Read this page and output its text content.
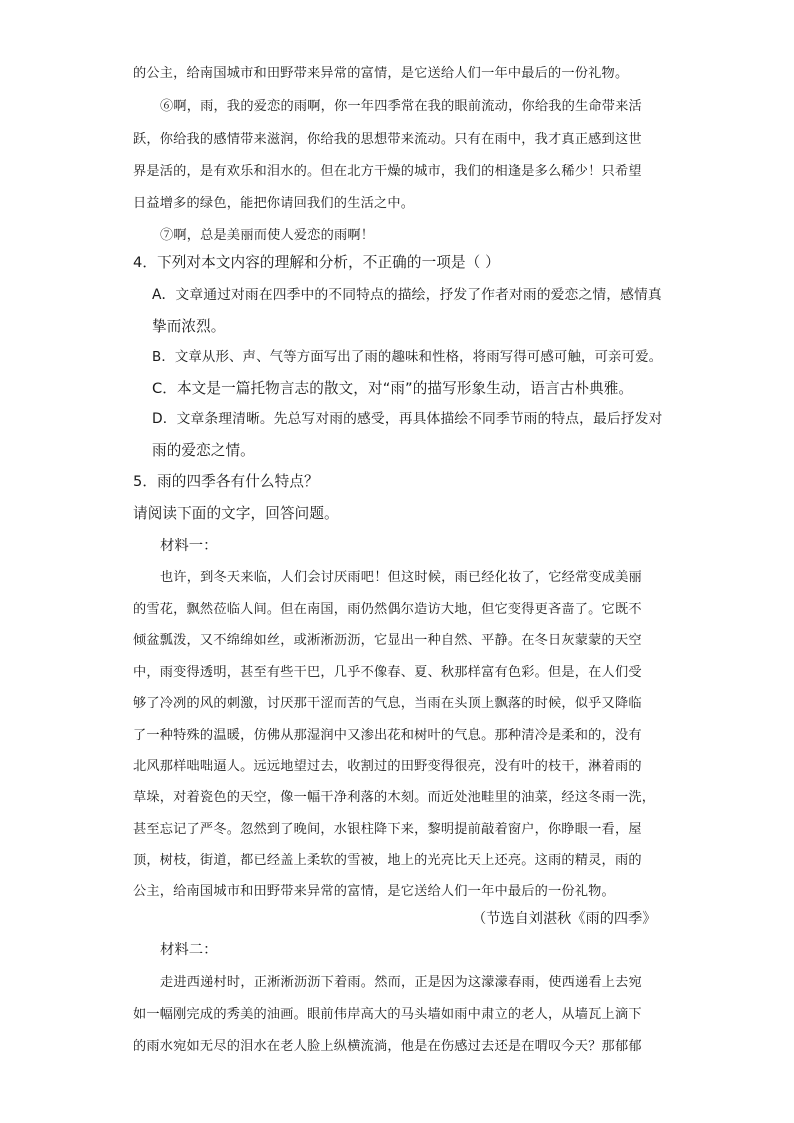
的公主，给南国城市和田野带来异常的富情，是它送给人们一年中最后的一份礼物。
⑥啊，雨，我的爱恋的雨啊，你一年四季常在我的眼前流动，你给我的生命带来活
跃，你给我的感情带来滋润，你给我的思想带来流动。只有在雨中，我才真正感到这世
界是活的，是有欢乐和泪水的。但在北方干燥的城市，我们的相逢是多么稀少！只希望
日益增多的绿色，能把你请回我们的生活之中。
⑦啊，总是美丽而使人爱恋的雨啊！
4．下列对本文内容的理解和分析，不正确的一项是（ ）
A．文章通过对雨在四季中的不同特点的描绘，抒发了作者对雨的爱恋之情，感情真
挚而浓烈。
B．文章从形、声、气等方面写出了雨的趣味和性格，将雨写得可感可触，可亲可爱。
C．本文是一篇托物言志的散文，对“雨”的描写形象生动，语言古朴典雅。
D．文章条理清晰。先总写对雨的感受，再具体描绘不同季节雨的特点，最后抒发对
雨的爱恋之情。
5．雨的四季各有什么特点？
请阅读下面的文字，回答问题。
材料一：
也许，到冬天来临，人们会讨厌雨吧！但这时候，雨已经化妆了，它经常变成美丽
的雪花，飘然莅临人间。但在南国，雨仍然偶尔造访大地，但它变得更吝啬了。它既不
倾盆瓢泼，又不绵绵如丝，或淅淅沥沥，它显出一种自然、平静。在冬日灰蒙蒙的天空
中，雨变得透明，甚至有些干巴，几乎不像春、夏、秋那样富有色彩。但是，在人们受
够了冷冽的风的刺激，讨厌那干涩而苦的气息，当雨在头顶上飘落的时候，似乎又降临
了一种特殊的温暖，仿佛从那湿润中又渗出花和树叶的气息。那种清冷是柔和的，没有
北风那样咄咄逼人。远远地望过去，收割过的田野变得很亮，没有叶的枝干，淋着雨的
草垛，对着瓷色的天空，像一幅干净利落的木刻。而近处池畦里的油菜，经这冬雨一洗，
甚至忘记了严冬。忽然到了晚间，水银柱降下来，黎明提前敲着窗户，你睁眼一看，屋
顶，树枝，街道，都已经盖上柔软的雪被，地上的光亮比天上还亮。这雨的精灵，雨的
公主，给南国城市和田野带来异常的富情，是它送给人们一年中最后的一份礼物。
（节选自刘湛秋《雨的四季》
材料二：
走进西递村时，正淅淅沥沥下着雨。然而，正是因为这濛濛春雨，使西递看上去宛
如一幅刚完成的秀美的油画。眼前伟岸高大的马头墙如雨中肃立的老人，从墙瓦上滴下
的雨水宛如无尽的泪水在老人脸上纵横流淌，他是在伤感过去还是在喟叹今天？那郁郁
